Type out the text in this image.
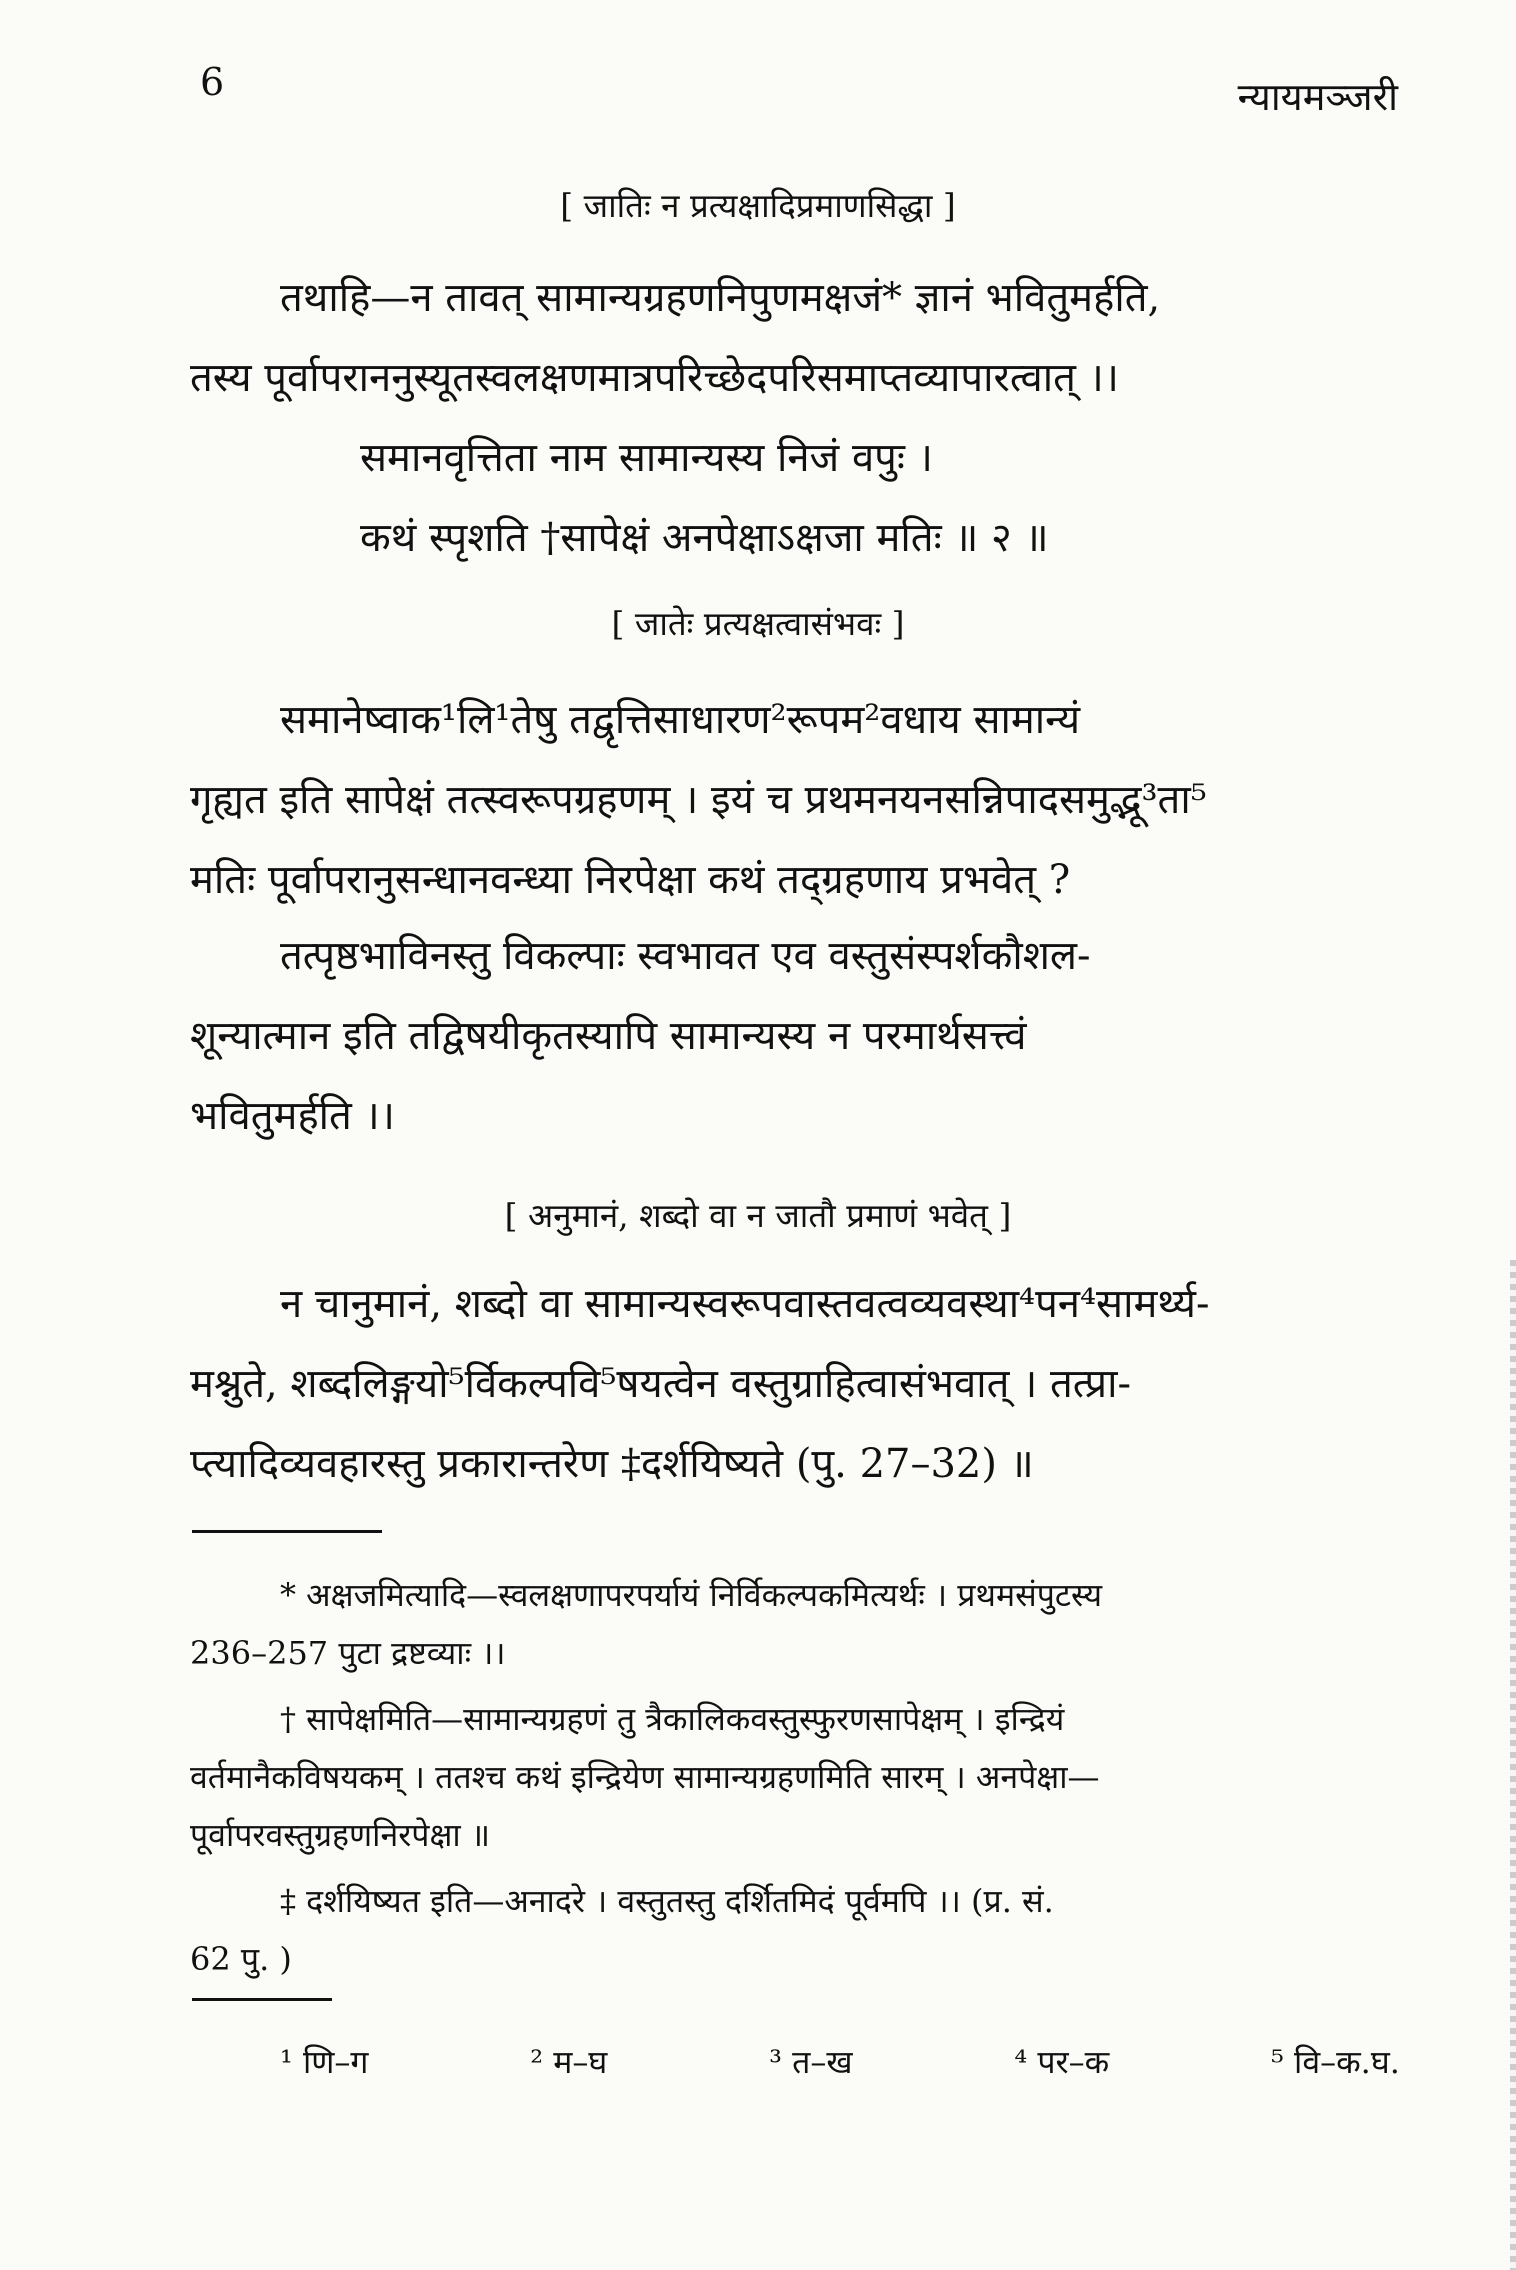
6	न्यायमञ्जरी
[ जातिः न प्रत्यक्षादिप्रमाणसिद्धा ]
तथाहि—न तावत् सामान्यग्रहणनिपुणमक्षजं* ज्ञानं भवितुमर्हति,
तस्य पूर्वापराननुस्यूतस्वलक्षणमात्रपरिच्छेदपरिसमाप्तव्यापारत्वात् ।।
समानवृत्तिता नाम सामान्यस्य निजं वपुः ।
कथं स्पृशति †सापेक्षं अनपेक्षाऽक्षजा मतिः ॥ २ ॥
[ जातेः प्रत्यक्षत्वासंभवः ]
समानेष्वाक¹लि¹तेषु तद्वृत्तिसाधारण²रूपम²वधाय सामान्यं
गृह्यत इति सापेक्षं तत्स्वरूपग्रहणम् । इयं च प्रथमनयनसन्निपादसमुद्भू³ता⁵
मतिः पूर्वापरानुसन्धानवन्ध्या निरपेक्षा कथं तद्ग्रहणाय प्रभवेत् ?
तत्पृष्ठभाविनस्तु विकल्पाः स्वभावत एव वस्तुसंस्पर्शकौशल-
शून्यात्मान इति तद्विषयीकृतस्यापि सामान्यस्य न परमार्थसत्त्वं
भवितुमर्हति ।।
[ अनुमानं, शब्दो वा न जातौ प्रमाणं भवेत् ]
न चानुमानं, शब्दो वा सामान्यस्वरूपवास्तवत्वव्यवस्था⁴पन⁴सामर्थ्य-
मश्नुते, शब्दलिङ्गयो⁵र्विकल्पवि⁵षयत्वेन वस्तुग्राहित्वासंभवात् । तत्प्रा-
प्त्यादिव्यवहारस्तु प्रकारान्तरेण ‡दर्शयिष्यते (पु. 27–32) ॥
* अक्षजमित्यादि—स्वलक्षणापरपर्यायं निर्विकल्पकमित्यर्थः । प्रथमसंपुटस्य
236–257 पुटा द्रष्टव्याः ।।
† सापेक्षमिति—सामान्यग्रहणं तु त्रैकालिकवस्तुस्फुरणसापेक्षम् । इन्द्रियं
वर्तमानैकविषयकम् । ततश्च कथं इन्द्रियेण सामान्यग्रहणमिति सारम् । अनपेक्षा—
पूर्वापरवस्तुग्रहणनिरपेक्षा ॥
‡ दर्शयिष्यत इति—अनादरे । वस्तुतस्तु दर्शितमिदं पूर्वमपि ।। (प्र. सं.
62 पु. )
¹ णि–ग	² म–घ	³ त–ख	⁴ पर–क	⁵ वि–क.घ.
